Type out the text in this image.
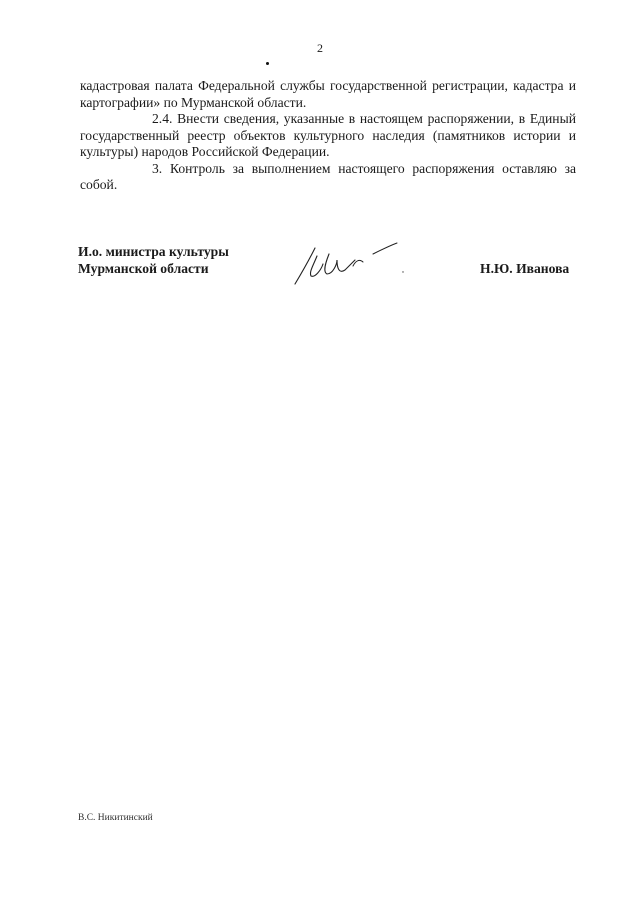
2

кадастровая палата Федеральной службы государственной регистрации, кадастра и картографии» по Мурманской области.

2.4. Внести сведения, указанные в настоящем распоряжении, в Единый государственный реестр объектов культурного наследия (памятников истории и культуры) народов Российской Федерации.

3. Контроль за выполнением настоящего распоряжения оставляю за собой.

И.о. министра культуры
Мурманской области	Н.Ю. Иванова
В.С. Никитинский
